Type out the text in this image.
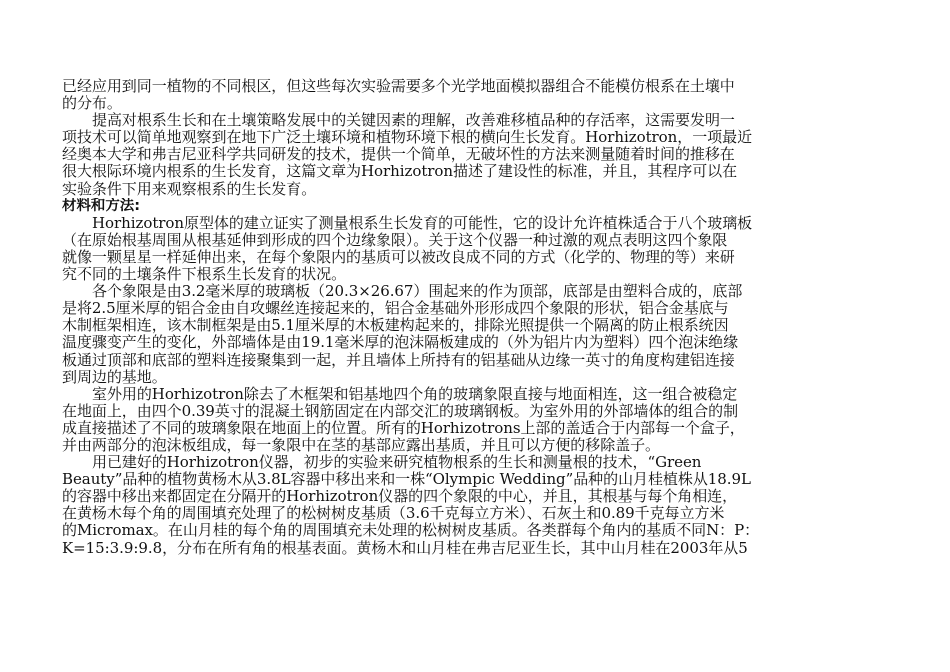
已经应用到同一植物的不同根区，但这些每次实验需要多个光学地面模拟器组合不能模仿根系在土壤中
的分布。
提高对根系生长和在土壤策略发展中的关键因素的理解，改善难移植品种的存活率，这需要发明一
项技术可以简单地观察到在地下广泛土壤环境和植物环境下根的横向生长发育。Horhizotron，一项最近
经奥本大学和弗吉尼亚科学共同研发的技术，提供一个简单，无破坏性的方法来测量随着时间的推移在
很大根际环境内根系的生长发育，这篇文章为Horhizotron描述了建设性的标准，并且，其程序可以在
实验条件下用来观察根系的生长发育。
材料和方法:
Horhizotron原型体的建立证实了测量根系生长发育的可能性，它的设计允许植株适合于八个玻璃板
（在原始根基周围从根基延伸到形成的四个边缘象限）。关于这个仪器一种过激的观点表明这四个象限
就像一颗星星一样延伸出来，在每个象限内的基质可以被改良成不同的方式（化学的、物理的等）来研
究不同的土壤条件下根系生长发育的状况。
各个象限是由3.2毫米厚的玻璃板（20.3×26.67）围起来的作为顶部，底部是由塑料合成的，底部
是将2.5厘米厚的铝合金由自攻螺丝连接起来的，铝合金基础外形形成四个象限的形状，铝合金基底与
木制框架相连，该木制框架是由5.1厘米厚的木板建构起来的，排除光照提供一个隔离的防止根系统因
温度骤变产生的变化，外部墙体是由19.1毫米厚的泡沫隔板建成的（外为铝片内为塑料）四个泡沫绝缘
板通过顶部和底部的塑料连接聚集到一起，并且墙体上所持有的铝基础从边缘一英寸的角度构建铝连接
到周边的基地。
室外用的Horhizotron除去了木框架和铝基地四个角的玻璃象限直接与地面相连，这一组合被稳定
在地面上，由四个0.39英寸的混凝土钢筋固定在内部交汇的玻璃钢板。为室外用的外部墙体的组合的制
成直接描述了不同的玻璃象限在地面上的位置。所有的Horhizotrons上部的盖适合于内部每一个盒子，
并由两部分的泡沫板组成，每一象限中在茎的基部应露出基质，并且可以方便的移除盖子。
用已建好的Horhizotron仪器，初步的实验来研究植物根系的生长和测量根的技术，“Green
Beauty”品种的植物黄杨木从3.8L容器中移出来和一株“Olympic Wedding”品种的山月桂植株从18.9L
的容器中移出来都固定在分隔开的Horhizotron仪器的四个象限的中心，并且，其根基与每个角相连，
在黄杨木每个角的周围填充处理了的松树树皮基质（3.6千克每立方米）、石灰土和0.89千克每立方米
的Micromax。在山月桂的每个角的周围填充未处理的松树树皮基质。各类群每个角内的基质不同N：P：
K=15:3.9:9.8，分布在所有角的根基表面。黄杨木和山月桂在弗吉尼亚生长，其中山月桂在2003年从5
